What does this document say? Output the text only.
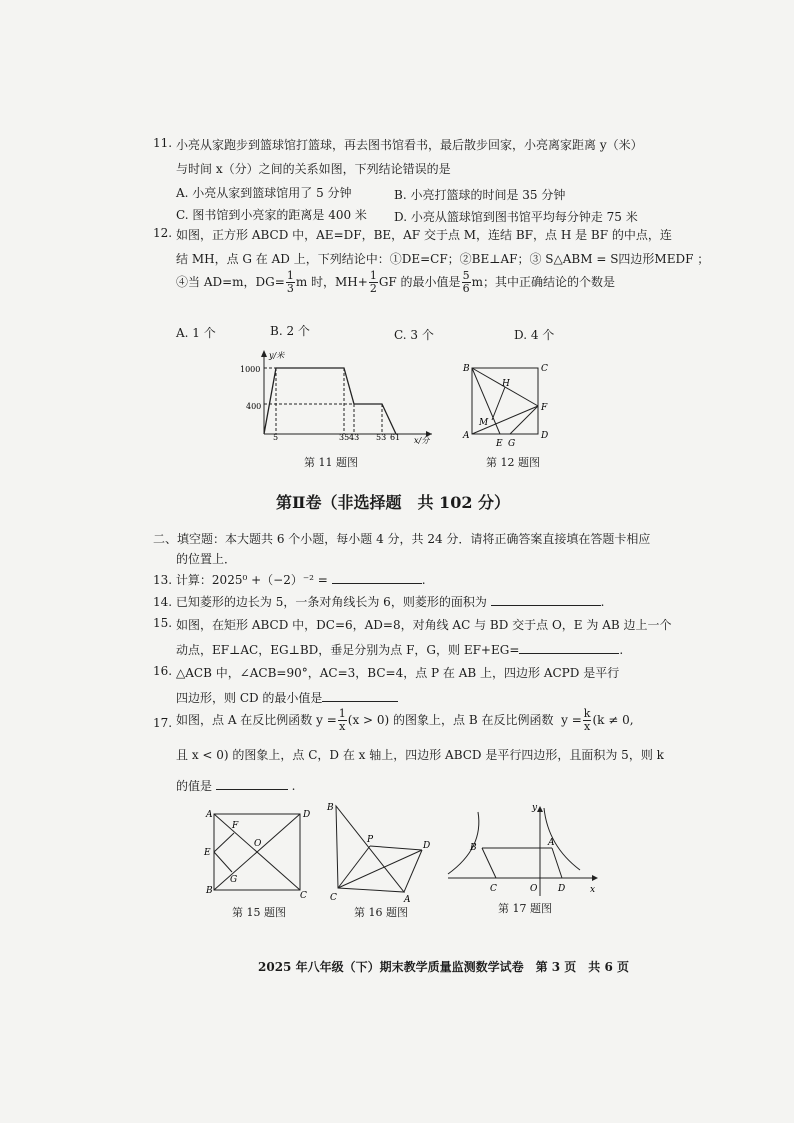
11. 小亮从家跑步到篮球馆打篮球，再去图书馆看书，最后散步回家，小亮离家距离 y（米）
与时间 x（分）之间的关系如图，下列结论错误的是
A. 小亮从家到篮球馆用了 5 分钟	B. 小亮打篮球的时间是 35 分钟
C. 图书馆到小亮家的距离是 400 米 D. 小亮从篮球馆到图书馆平均每分钟走 75 米
12. 如图，正方形 ABCD 中，AE=DF，BE，AF 交于点 M，连结 BF，点 H 是 BF 的中点，连
结 MH，点 G 在 AD 上，下列结论中：①DE=CF；②BE⊥AF；③ S△ABM = S四边形MEDF ；
④当 AD=m，$DG= \frac{1}{3}$ m 时，$MH+ \frac{1}{2}$ GF 的最小值是 $\frac{5}{6}$ m；其中正确结论的个数是
A. 1 个	B. 2 个	C. 3 个	D. 4 个
y/米
x/分
1000
400
5	35 43 53 61
第 11 题图
B	C
A	D
F
H
M
E G
第 12 题图
第Ⅱ卷（非选择题　共 102 分）
二、填空题：本大题共 6 个小题，每小题 4 分，共 24 分．请将正确答案直接填在答题卡相应
的位置上．
13. 计算：2025⁰ +（−2）⁻² =	.
14. 已知菱形的边长为 5，一条对角线长为 6，则菱形的面积为	.
15. 如图，在矩形 ABCD 中，DC=6，AD=8，对角线 AC 与 BD 交于点 O，E 为 AB 边上一个
动点，EF⊥AC，EG⊥BD，垂足分别为点 F，G，则 EF+EG=	.
16. △ACB 中，∠ACB=90°，AC=3，BC=4，点 P 在 AB 上，四边形 ACPD 是平行
四边形，则 CD 的最小值是
17. 如图，点 A 在反比例函数 $y = \frac{1}{x} (x > 0)$ 的图象上，点 B 在反比例函数 $y = \frac{k}{x} (k \ne 0$,
且 x < 0) 的图象上，点 C，D 在 x 轴上，四边形 ABCD 是平行四边形，且面积为 5，则 k
的值是	.
A	D
B	C
E
F
G
O
第 15 题图
B
P
D
C	A
第 16 题图
y
x
B	A
C	O D
第 17 题图
2025 年八年级（下）期末教学质量监测数学试卷　第 3 页　共 6 页
